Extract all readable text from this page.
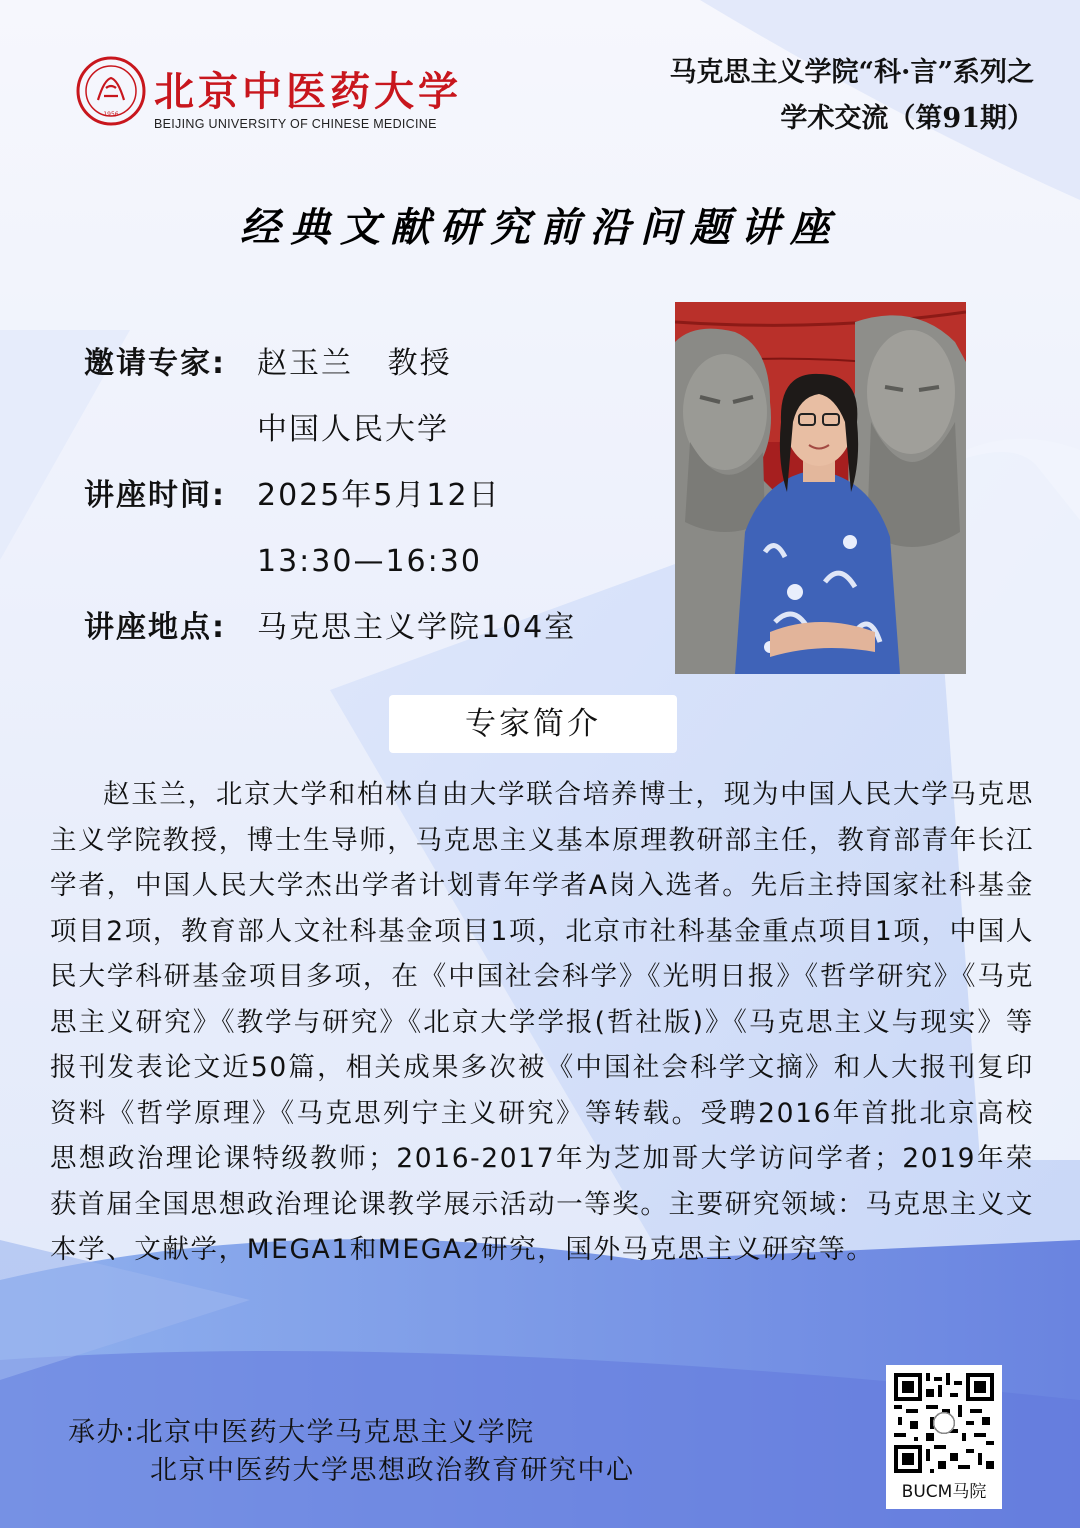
1956 北京中医药大学
BEIJING UNIVERSITY OF CHINESE MEDICINE
马克思主义学院“科·言”系列之
学术交流（第91期）
经典文献研究前沿问题讲座
邀请专家: 赵玉兰   教授
中国人民大学
讲座时间: 2025年5月12日
13:30—16:30
讲座地点: 马克思主义学院104室
专家简介
赵玉兰，北京大学和柏林自由大学联合培养博士，现为中国人民大学马克思主义学院教授，博士生导师，马克思主义基本原理教研部主任，教育部青年长江学者，中国人民大学杰出学者计划青年学者A岗入选者。先后主持国家社科基金项目2项，教育部人文社科基金项目1项，北京市社科基金重点项目1项，中国人民大学科研基金项目多项，在《中国社会科学》《光明日报》《哲学研究》《马克思主义研究》《教学与研究》《北京大学学报(哲社版)》《马克思主义与现实》等报刊发表论文近50篇，相关成果多次被《中国社会科学文摘》和人大报刊复印资料《哲学原理》《马克思列宁主义研究》等转载。受聘2016年首批北京高校思想政治理论课特级教师；2016-2017年为芝加哥大学访问学者；2019年荣获首届全国思想政治理论课教学展示活动一等奖。主要研究领域：马克思主义文本学、文献学，MEGA1和MEGA2研究，国外马克思主义研究等。
承办:北京中医药大学马克思主义学院
北京中医药大学思想政治教育研究中心
BUCM马院
